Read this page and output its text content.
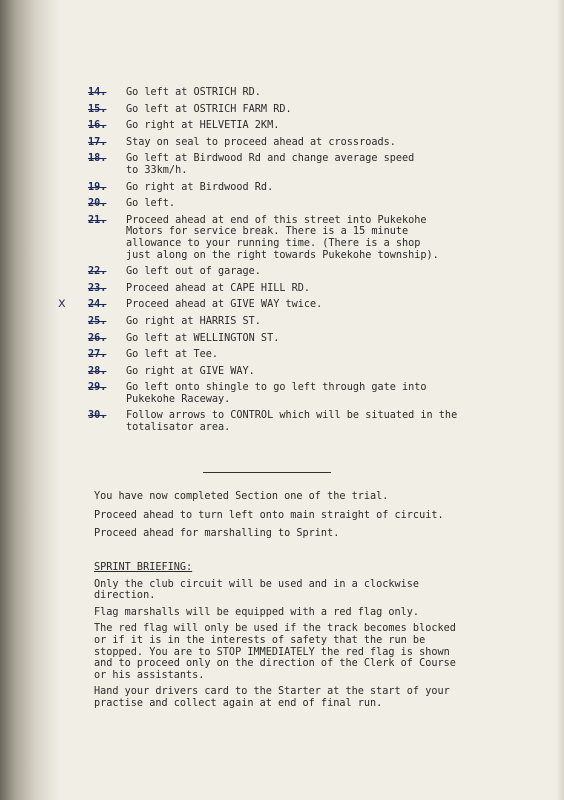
14.	Go left at OSTRICH RD.
15.	Go left at OSTRICH FARM RD.
16.	Go right at HELVETIA 2KM.
17.	Stay on seal to proceed ahead at crossroads.
18.	Go left at Birdwood Rd and change average speed
to 33km/h.
19.	Go right at Birdwood Rd.
20.	Go left.
21.	Proceed ahead at end of this street into Pukekohe
Motors for service break. There is a 15 minute
allowance to your running time. (There is a shop
just along on the right towards Pukekohe township).
22.	Go left out of garage.
23.	Proceed ahead at CAPE HILL RD.
x 24.	Proceed ahead at GIVE WAY twice.
25.	Go right at HARRIS ST.
26.	Go left at WELLINGTON ST.
27.	Go left at Tee.
28.	Go right at GIVE WAY.
29.	Go left onto shingle to go left through gate into
Pukekohe Raceway.
30.	Follow arrows to CONTROL which will be situated in the
totalisator area.

You have now completed Section one of the trial.

Proceed ahead to turn left onto main straight of circuit.

Proceed ahead for marshalling to Sprint.

SPRINT BRIEFING:
Only the club circuit will be used and in a clockwise
direction.
Flag marshalls will be equipped with a red flag only.
The red flag will only be used if the track becomes blocked
or if it is in the interests of safety that the run be
stopped. You are to STOP IMMEDIATELY the red flag is shown
and to proceed only on the direction of the Clerk of Course
or his assistants.
Hand your drivers card to the Starter at the start of your
practise and collect again at end of final run.
